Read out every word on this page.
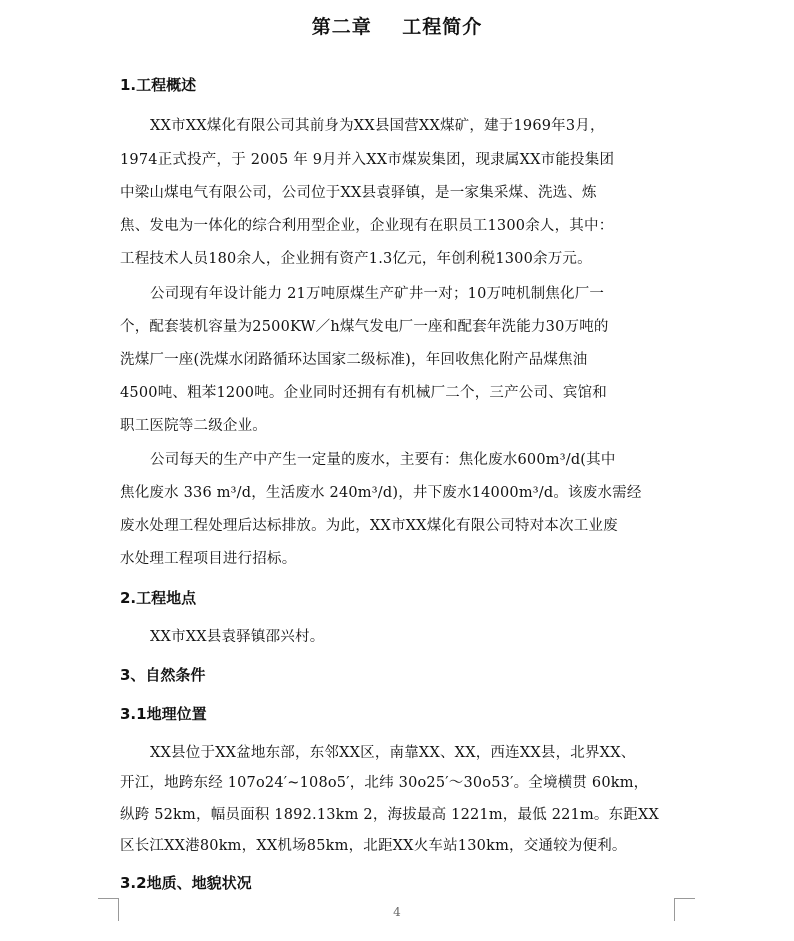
第二章    工程简介
1.工程概述
XX市XX煤化有限公司其前身为XX县国营XX煤矿，建于1969年3月，
1974正式投产，于 2005 年 9月并入XX市煤炭集团，现隶属XX市能投集团
中梁山煤电气有限公司，公司位于XX县袁驿镇，是一家集采煤、洗选、炼
焦、发电为一体化的综合利用型企业，企业现有在职员工1300余人，其中：
工程技术人员180余人，企业拥有资产1.3亿元，年创利税1300余万元。
公司现有年设计能力 21万吨原煤生产矿井一对；10万吨机制焦化厂一
个，配套装机容量为2500KW／h煤气发电厂一座和配套年洗能力30万吨的
洗煤厂一座(洗煤水闭路循环达国家二级标准)，年回收焦化附产品煤焦油
4500吨、粗苯1200吨。企业同时还拥有有机械厂二个，三产公司、宾馆和
职工医院等二级企业。
公司每天的生产中产生一定量的废水，主要有：焦化废水600m³/d(其中
焦化废水 336 m³/d，生活废水 240m³/d)，井下废水14000m³/d。该废水需经
废水处理工程处理后达标排放。为此，XX市XX煤化有限公司特对本次工业废
水处理工程项目进行招标。
2.工程地点
XX市XX县袁驿镇邵兴村。
3、自然条件
3.1地理位置
XX县位于XX盆地东部，东邻XX区，南靠XX、XX，西连XX县，北界XX、
开江，地跨东经 107o24′~108o5′，北纬 30o25′～30o53′。全境横贯 60km，
纵跨 52km，幅员面积 1892.13km 2，海拔最高 1221m，最低 221m。东距XX
区长江XX港80km，XX机场85km，北距XX火车站130km，交通较为便利。
3.2地质、地貌状况
4
